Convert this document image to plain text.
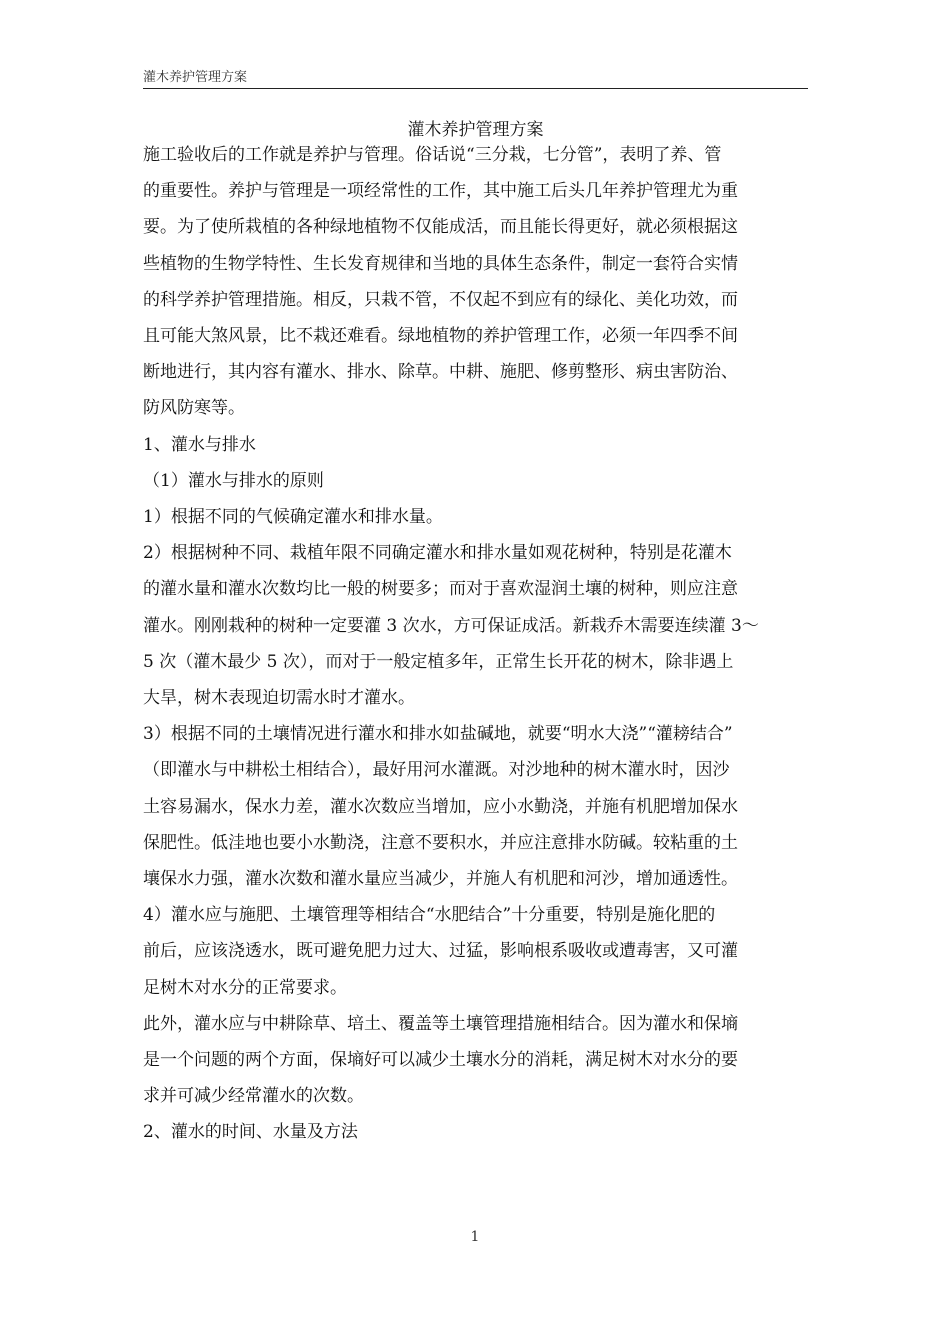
灌木养护管理方案
灌木养护管理方案
施工验收后的工作就是养护与管理。俗话说“三分栽，七分管”，表明了养、管
的重要性。养护与管理是一项经常性的工作，其中施工后头几年养护管理尤为重
要。为了使所栽植的各种绿地植物不仅能成活，而且能长得更好，就必须根据这
些植物的生物学特性、生长发育规律和当地的具体生态条件，制定一套符合实情
的科学养护管理措施。相反，只栽不管，不仅起不到应有的绿化、美化功效，而
且可能大煞风景，比不栽还难看。绿地植物的养护管理工作，必须一年四季不间
断地进行，其内容有灌水、排水、除草。中耕、施肥、修剪整形、病虫害防治、
防风防寒等。
1、灌水与排水
（1）灌水与排水的原则
1）根据不同的气候确定灌水和排水量。
2）根据树种不同、栽植年限不同确定灌水和排水量如观花树种，特别是花灌木
的灌水量和灌水次数均比一般的树要多；而对于喜欢湿润土壤的树种，则应注意
灌水。刚刚栽种的树种一定要灌 3 次水，方可保证成活。新栽乔木需要连续灌 3～
5 次（灌木最少 5 次），而对于一般定植多年，正常生长开花的树木，除非遇上
大旱，树木表现迫切需水时才灌水。
3）根据不同的土壤情况进行灌水和排水如盐碱地，就要“明水大浇”“灌耪结合”
（即灌水与中耕松土相结合），最好用河水灌溉。对沙地种的树木灌水时，因沙
土容易漏水，保水力差，灌水次数应当增加，应小水勤浇，并施有机肥增加保水
保肥性。低洼地也要小水勤浇，注意不要积水，并应注意排水防碱。较粘重的土
壤保水力强，灌水次数和灌水量应当减少，并施人有机肥和河沙，增加通透性。
4）灌水应与施肥、土壤管理等相结合“水肥结合”十分重要，特别是施化肥的
前后，应该浇透水，既可避免肥力过大、过猛，影响根系吸收或遭毒害，又可灌
足树木对水分的正常要求。
此外，灌水应与中耕除草、培土、覆盖等土壤管理措施相结合。因为灌水和保墒
是一个问题的两个方面，保墒好可以减少土壤水分的消耗，满足树木对水分的要
求并可减少经常灌水的次数。
2、灌水的时间、水量及方法
1
